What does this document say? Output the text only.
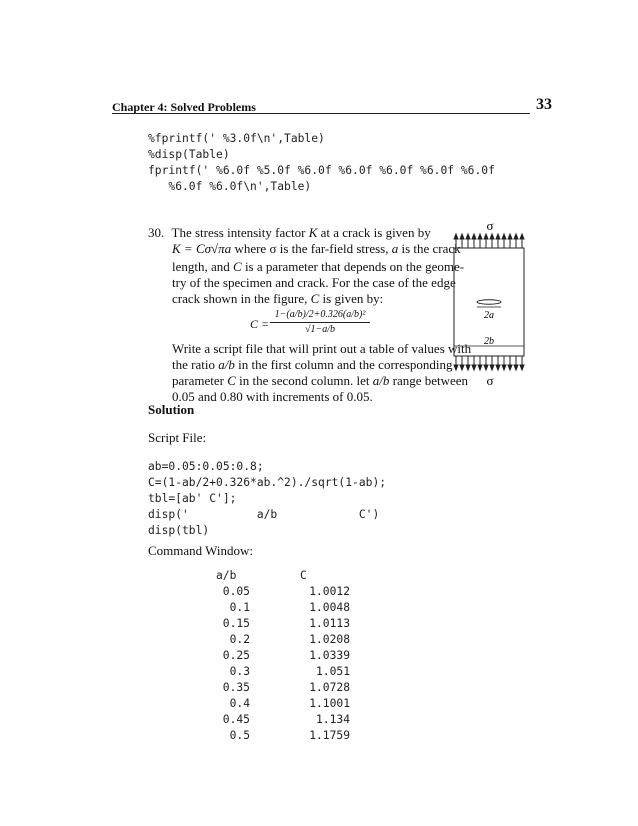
Chapter 4: Solved Problems	33
%fprintf(' %3.0f\n',Table)
%disp(Table)
fprintf(' %6.0f %5.0f %6.0f %6.0f %6.0f %6.0f %6.0f
%6.0f %6.0f\n',Table)
30. The stress intensity factor K at a crack is given by
K = Cσ√πa where σ is the far-field stress, a is the crack
length, and C is a parameter that depends on the geome-
try of the specimen and crack. For the case of the edge
crack shown in the figure, C is given by:
C =
1−(a/b)/2+0.326(a/b)²
√1−a/b
Write a script file that will print out a table of values with
the ratio a/b in the first column and the corresponding
parameter C in the second column. let a/b range between
0.05 and 0.80 with increments of 0.05.
σ
2a
2b
σ
Solution
Script File:
ab=0.05:0.05:0.8;
C=(1-ab/2+0.326*ab.^2)./sqrt(1-ab);
tbl=[ab' C'];
disp('          a/b            C')
disp(tbl)
Command Window:
a/b	C
0.05	1.0012
0.1	1.0048
0.15	1.0113
0.2	1.0208
0.25	1.0339
0.3	1.051
0.35	1.0728
0.4	1.1001
0.45	1.134
0.5	1.1759
